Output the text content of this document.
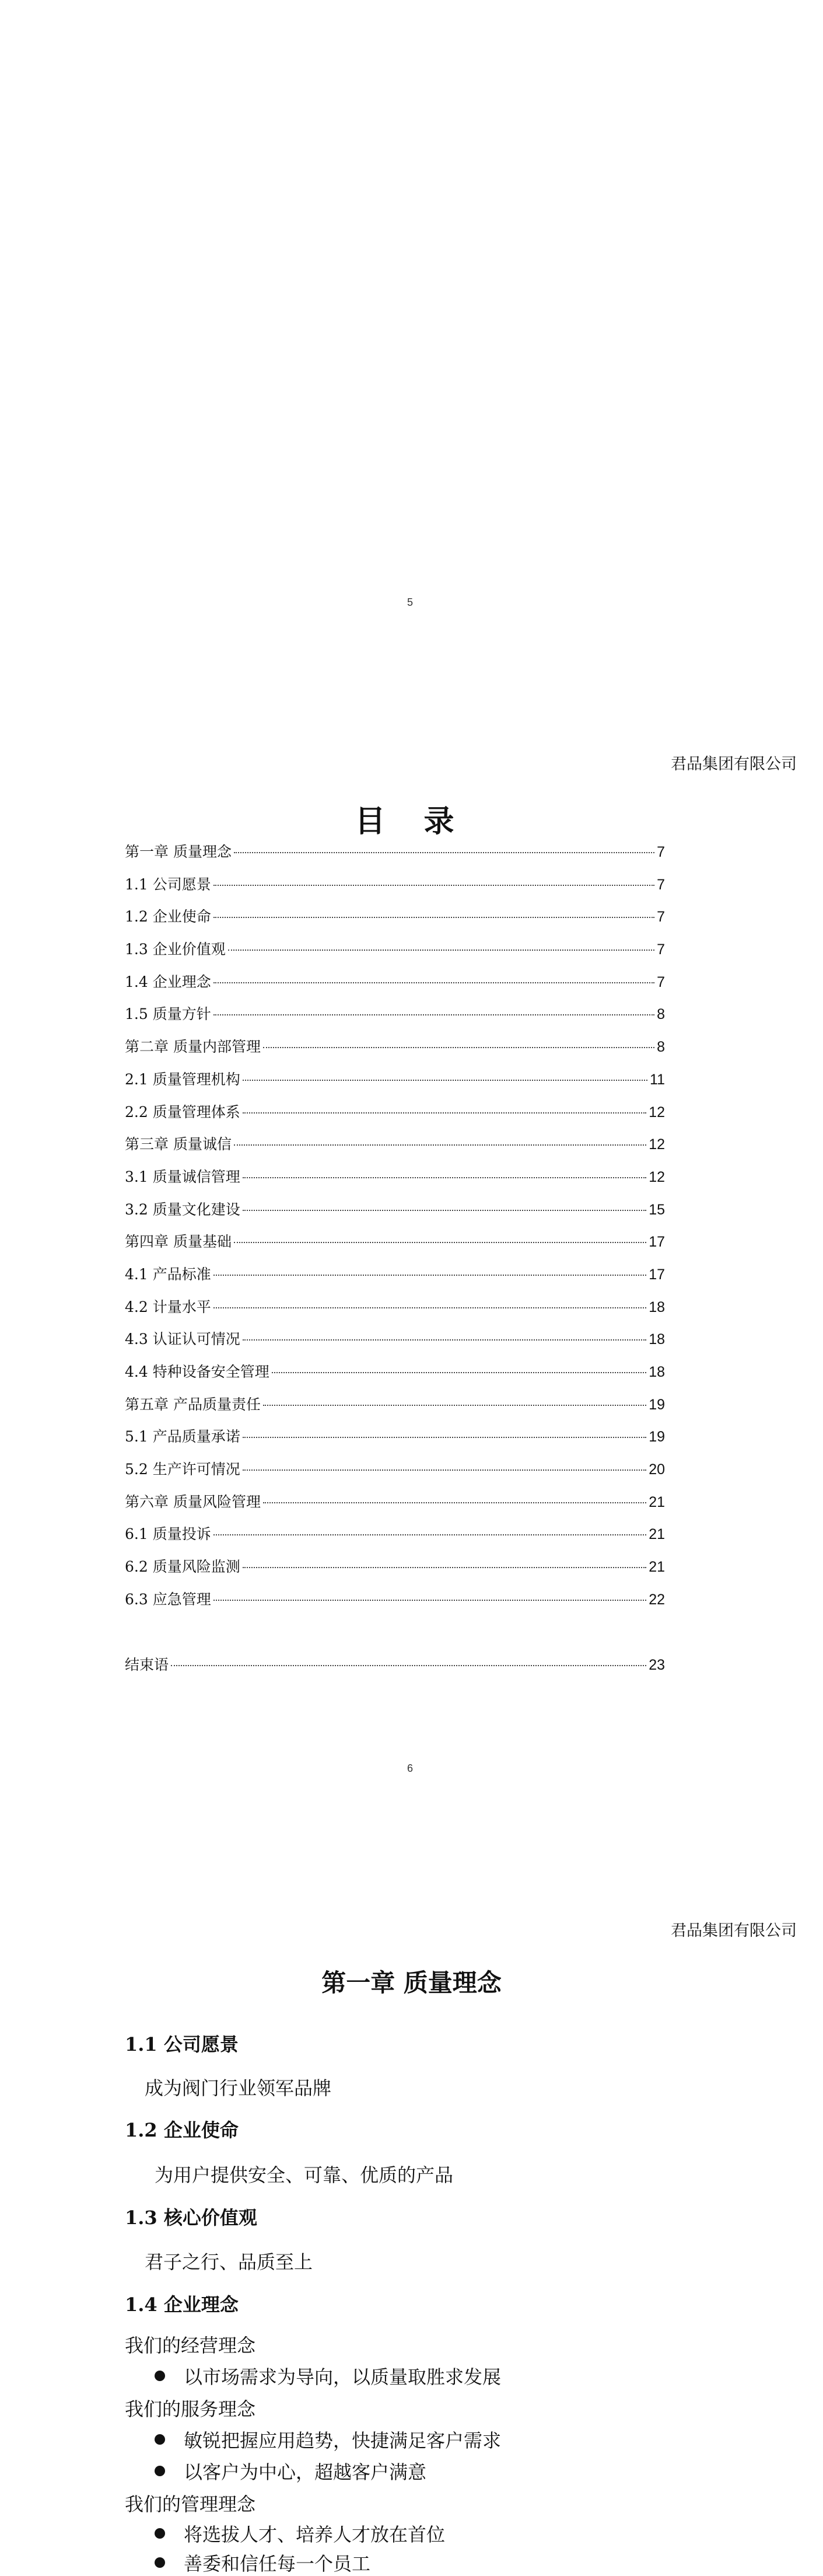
5
君品集团有限公司
目 录
第一章 质量理念	7
1.1 公司愿景	7
1.2 企业使命	7
1.3 企业价值观	7
1.4 企业理念	7
1.5 质量方针	8
第二章 质量内部管理	8
2.1 质量管理机构	11
2.2 质量管理体系	12
第三章 质量诚信	12
3.1 质量诚信管理	12
3.2 质量文化建设	15
第四章 质量基础	17
4.1 产品标准	17
4.2 计量水平	18
4.3 认证认可情况	18
4.4 特种设备安全管理	18
第五章 产品质量责任	19
5.1 产品质量承诺	19
5.2 生产许可情况	20
第六章 质量风险管理	21
6.1 质量投诉	21
6.2 质量风险监测	21
6.3 应急管理	22
结束语	23
6
君品集团有限公司
第一章 质量理念
1.1 公司愿景
成为阀门行业领军品牌
1.2 企业使命
为用户提供安全、可靠、优质的产品
1.3 核心价值观
君子之行、品质至上
1.4 企业理念
我们的经营理念
以市场需求为导向，以质量取胜求发展
我们的服务理念
敏锐把握应用趋势，快捷满足客户需求
以客户为中心，超越客户满意
我们的管理理念
将选拔人才、培养人才放在首位
善委和信任每一个员工
